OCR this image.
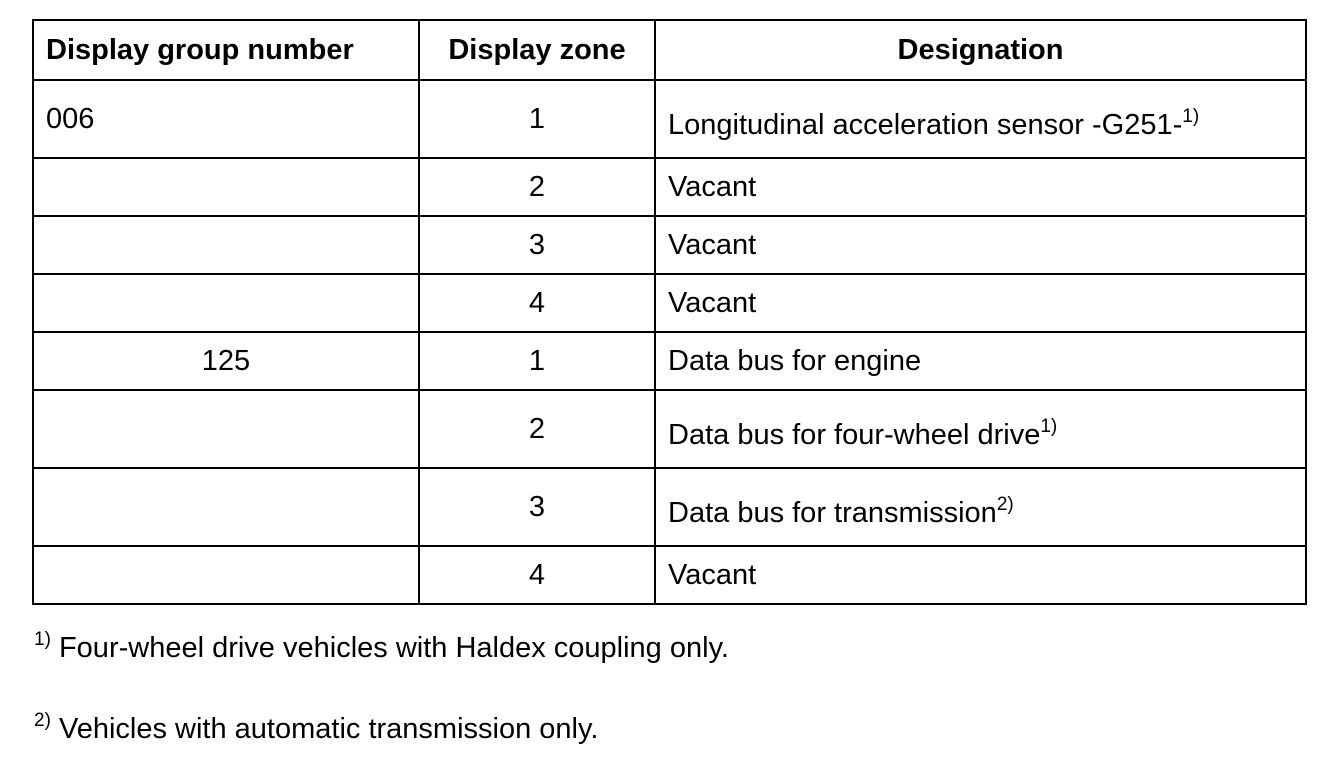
Display group number	Display zone	Designation
006	1	Longitudinal acceleration sensor -G251-$^{1)}$
	2	Vacant
	3	Vacant
	4	Vacant
125	1	Data bus for engine
	2	Data bus for four-wheel drive$^{1)}$
	3	Data bus for transmission$^{2)}$
	4	Vacant
$^{1)}$ Four-wheel drive vehicles with Haldex coupling only.
$^{2)}$ Vehicles with automatic transmission only.
